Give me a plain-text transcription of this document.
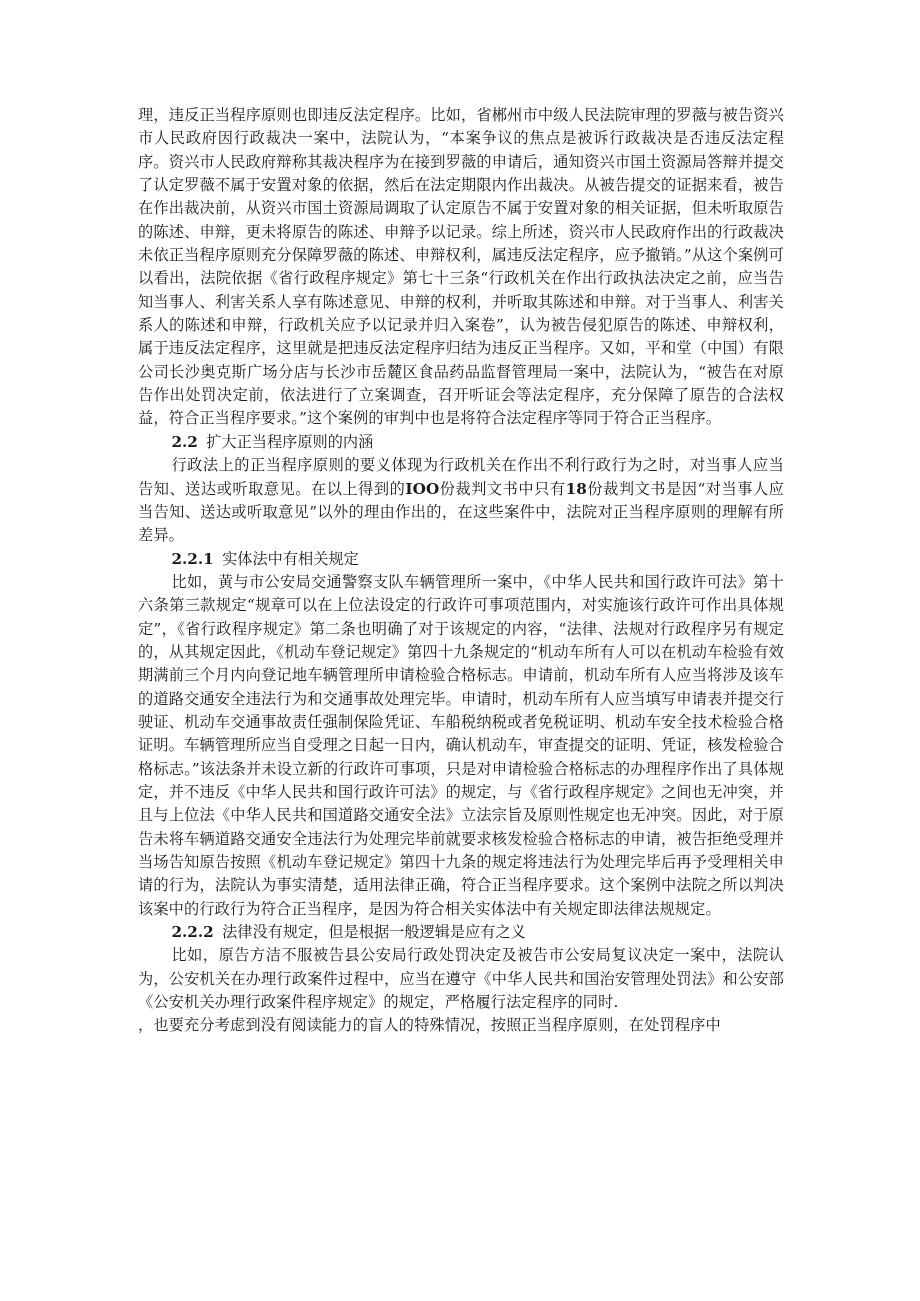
理，违反正当程序原则也即违反法定程序。比如，省郴州市中级人民法院审理的罗薇与被告资兴市人民政府因行政裁决一案中，法院认为，“本案争议的焦点是被诉行政裁决是否违反法定程序。资兴市人民政府辩称其裁决程序为在接到罗薇的申请后，通知资兴市国土资源局答辩并提交了认定罗薇不属于安置对象的依据，然后在法定期限内作出裁决。从被告提交的证据来看，被告在作出裁决前，从资兴市国土资源局调取了认定原告不属于安置对象的相关证据，但未听取原告的陈述、申辩，更未将原告的陈述、申辩予以记录。综上所述，资兴市人民政府作出的行政裁决未依正当程序原则充分保障罗薇的陈述、申辩权利，属违反法定程序，应予撤销。”从这个案例可以看出，法院依据《省行政程序规定》第七十三条“行政机关在作出行政执法决定之前，应当告知当事人、利害关系人享有陈述意见、申辩的权利，并听取其陈述和申辩。对于当事人、利害关系人的陈述和申辩，行政机关应予以记录并归入案卷”，认为被告侵犯原告的陈述、申辩权利，属于违反法定程序，这里就是把违反法定程序归结为违反正当程序。又如，平和堂（中国）有限公司长沙奥克斯广场分店与长沙市岳麓区食品药品监督管理局一案中，法院认为，“被告在对原告作出处罚决定前，依法进行了立案调查，召开听证会等法定程序，充分保障了原告的合法权益，符合正当程序要求。”这个案例的审判中也是将符合法定程序等同于符合正当程序。

2.2 扩大正当程序原则的内涵

行政法上的正当程序原则的要义体现为行政机关在作出不利行政行为之时，对当事人应当告知、送达或听取意见。在以上得到的IOO份裁判文书中只有18份裁判文书是因“对当事人应当告知、送达或听取意见”以外的理由作出的，在这些案件中，法院对正当程序原则的理解有所差异。

2.2.1 实体法中有相关规定

比如，黄与市公安局交通警察支队车辆管理所一案中，《中华人民共和国行政许可法》第十六条第三款规定“规章可以在上位法设定的行政许可事项范围内，对实施该行政许可作出具体规定”，《省行政程序规定》第二条也明确了对于该规定的内容，“法律、法规对行政程序另有规定的，从其规定因此，《机动车登记规定》第四十九条规定的“机动车所有人可以在机动车检验有效期满前三个月内向登记地车辆管理所申请检验合格标志。申请前，机动车所有人应当将涉及该车的道路交通安全违法行为和交通事故处理完毕。申请时，机动车所有人应当填写申请表并提交行驶证、机动车交通事故责任强制保险凭证、车船税纳税或者免税证明、机动车安全技术检验合格证明。车辆管理所应当自受理之日起一日内，确认机动车，审查提交的证明、凭证，核发检验合格标志。”该法条并未设立新的行政许可事项，只是对申请检验合格标志的办理程序作出了具体规定，并不违反《中华人民共和国行政许可法》的规定，与《省行政程序规定》之间也无冲突，并且与上位法《中华人民共和国道路交通安全法》立法宗旨及原则性规定也无冲突。因此，对于原告未将车辆道路交通安全违法行为处理完毕前就要求核发检验合格标志的申请，被告拒绝受理并当场告知原告按照《机动车登记规定》第四十九条的规定将违法行为处理完毕后再予受理相关申请的行为，法院认为事实清楚，适用法律正确，符合正当程序要求。这个案例中法院之所以判决该案中的行政行为符合正当程序，是因为符合相关实体法中有关规定即法律法规规定。

2.2.2 法律没有规定，但是根据一般逻辑是应有之义

比如，原告方洁不服被告县公安局行政处罚决定及被告市公安局复议决定一案中，法院认为，公安机关在办理行政案件过程中，应当在遵守《中华人民共和国治安管理处罚法》和公安部《公安机关办理行政案件程序规定》的规定，严格履行法定程序的同时.

，也要充分考虑到没有阅读能力的盲人的特殊情况，按照正当程序原则，在处罚程序中
